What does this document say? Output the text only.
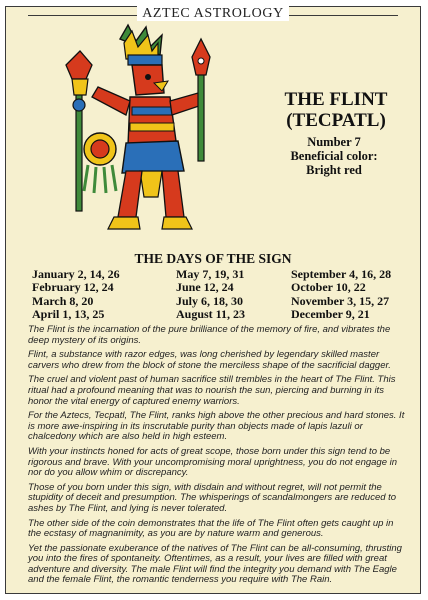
AZTEC ASTROLOGY
THE FLINT
(TECPATL)
Number 7
Beneficial color:
Bright red
THE DAYS OF THE SIGN
January 2, 14, 26
February 12, 24
March 8, 20
April 1, 13, 25
May 7, 19, 31
June 12, 24
July 6, 18, 30
August 11, 23
September 4, 16, 28
October 10, 22
November 3, 15, 27
December 9, 21

The Flint is the incarnation of the pure brilliance of the memory of fire, and vibrates the deep mystery of its origins.

Flint, a substance with razor edges, was long cherished by legendary skilled master carvers who drew from the block of stone the merciless shape of the sacrificial dagger.

The cruel and violent past of human sacrifice still trembles in the heart of The Flint. This ritual had a profound meaning that was to nourish the sun, piercing and burning in its honor the vital energy of captured enemy warriors.

For the Aztecs, Tecpatl, The Flint, ranks high above the other precious and hard stones. It is more awe-inspiring in its inscrutable purity than objects made of lapis lazuli or chalcedony which are also held in high esteem.

With your instincts honed for acts of great scope, those born under this sign tend to be rigorous and brave. With your uncompromising moral uprightness, you do not engage in nor do you allow whim or discrepancy.

Those of you born under this sign, with disdain and without regret, will not permit the stupidity of deceit and presumption. The whisperings of scandalmongers are reduced to ashes by The Flint, and lying is never tolerated.

The other side of the coin demonstrates that the life of The Flint often gets caught up in the ecstasy of magnanimity, as you are by nature warm and generous.

Yet the passionate exuberance of the natives of The Flint can be all-consuming, thrusting you into the fires of spontaneity. Oftentimes, as a result, your lives are filled with great adventure and diversity. The male Flint will find the integrity you demand with The Eagle and the female Flint, the romantic tenderness you require with The Rain.
